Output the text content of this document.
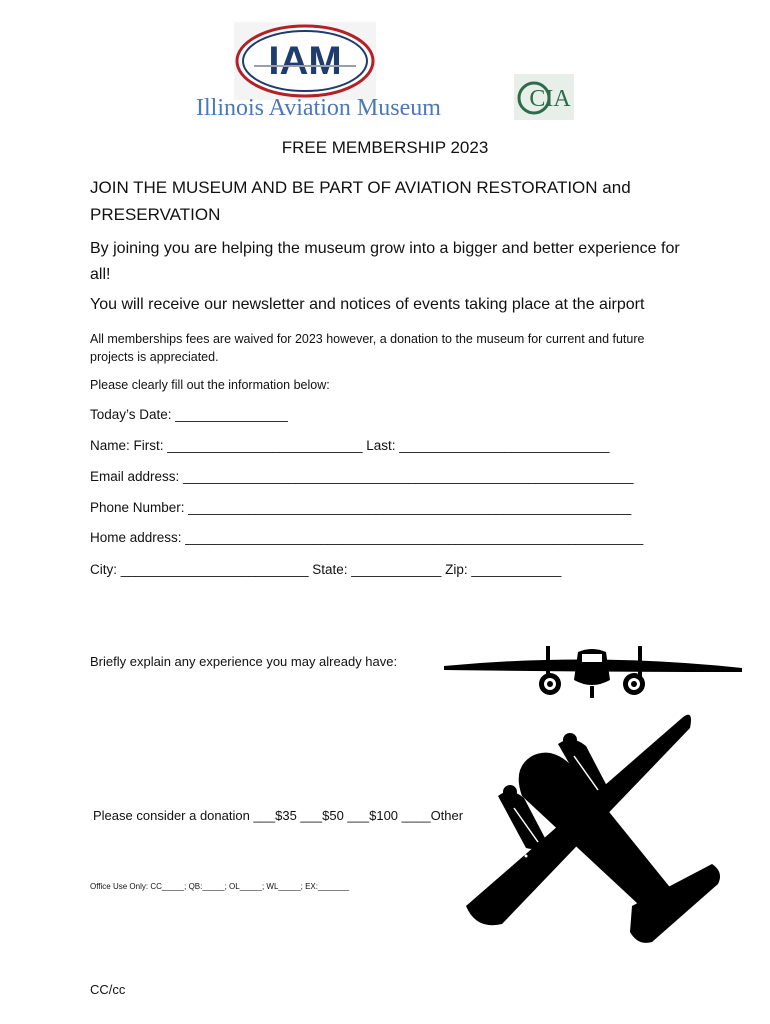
IAM
Illinois Aviation Museum	CIA
FREE MEMBERSHIP 2023
JOIN THE MUSEUM AND BE PART OF AVIATION RESTORATION and PRESERVATION
By joining you are helping the museum grow into a bigger and better experience for all!
You will receive our newsletter and notices of events taking place at the airport
All memberships fees are waived for 2023 however, a donation to the museum for current and future projects is appreciated.
Please clearly fill out the information below:
Today’s Date: _______________
Name: First: __________________________ Last: ____________________________
Email address: ____________________________________________________________
Phone Number: ___________________________________________________________
Home address: _____________________________________________________________
City: _________________________ State: ____________ Zip: ____________
Briefly explain any experience you may already have:
Please consider a donation ___$35 ___$50 ___$100 ____Other
Office Use Only: CC_____; QB:_____; OL_____; WL_____; EX:_______
CC/cc
